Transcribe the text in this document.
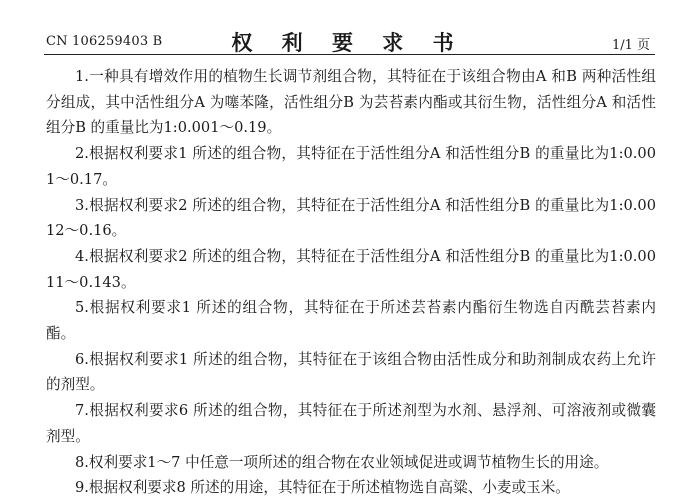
CN 106259403 B	权 利 要 求 书	1/1 页

1.一种具有增效作用的植物生长调节剂组合物，其特征在于该组合物由A 和B 两种活性组分组成，其中活性组分A 为噻苯隆，活性组分B 为芸苔素内酯或其衍生物，活性组分A 和活性组分B 的重量比为1:0.001～0.19。

2.根据权利要求1 所述的组合物，其特征在于活性组分A 和活性组分B 的重量比为1:0.001～0.17。

3.根据权利要求2 所述的组合物，其特征在于活性组分A 和活性组分B 的重量比为1:0.0012～0.16。

4.根据权利要求2 所述的组合物，其特征在于活性组分A 和活性组分B 的重量比为1:0.0011～0.143。

5.根据权利要求1 所述的组合物，其特征在于所述芸苔素内酯衍生物选自丙酰芸苔素内酯。

6.根据权利要求1 所述的组合物，其特征在于该组合物由活性成分和助剂制成农药上允许的剂型。

7.根据权利要求6 所述的组合物，其特征在于所述剂型为水剂、悬浮剂、可溶液剂或微囊剂型。

8.权利要求1～7 中任意一项所述的组合物在农业领域促进或调节植物生长的用途。

9.根据权利要求8 所述的用途，其特征在于所述植物选自高粱、小麦或玉米。
